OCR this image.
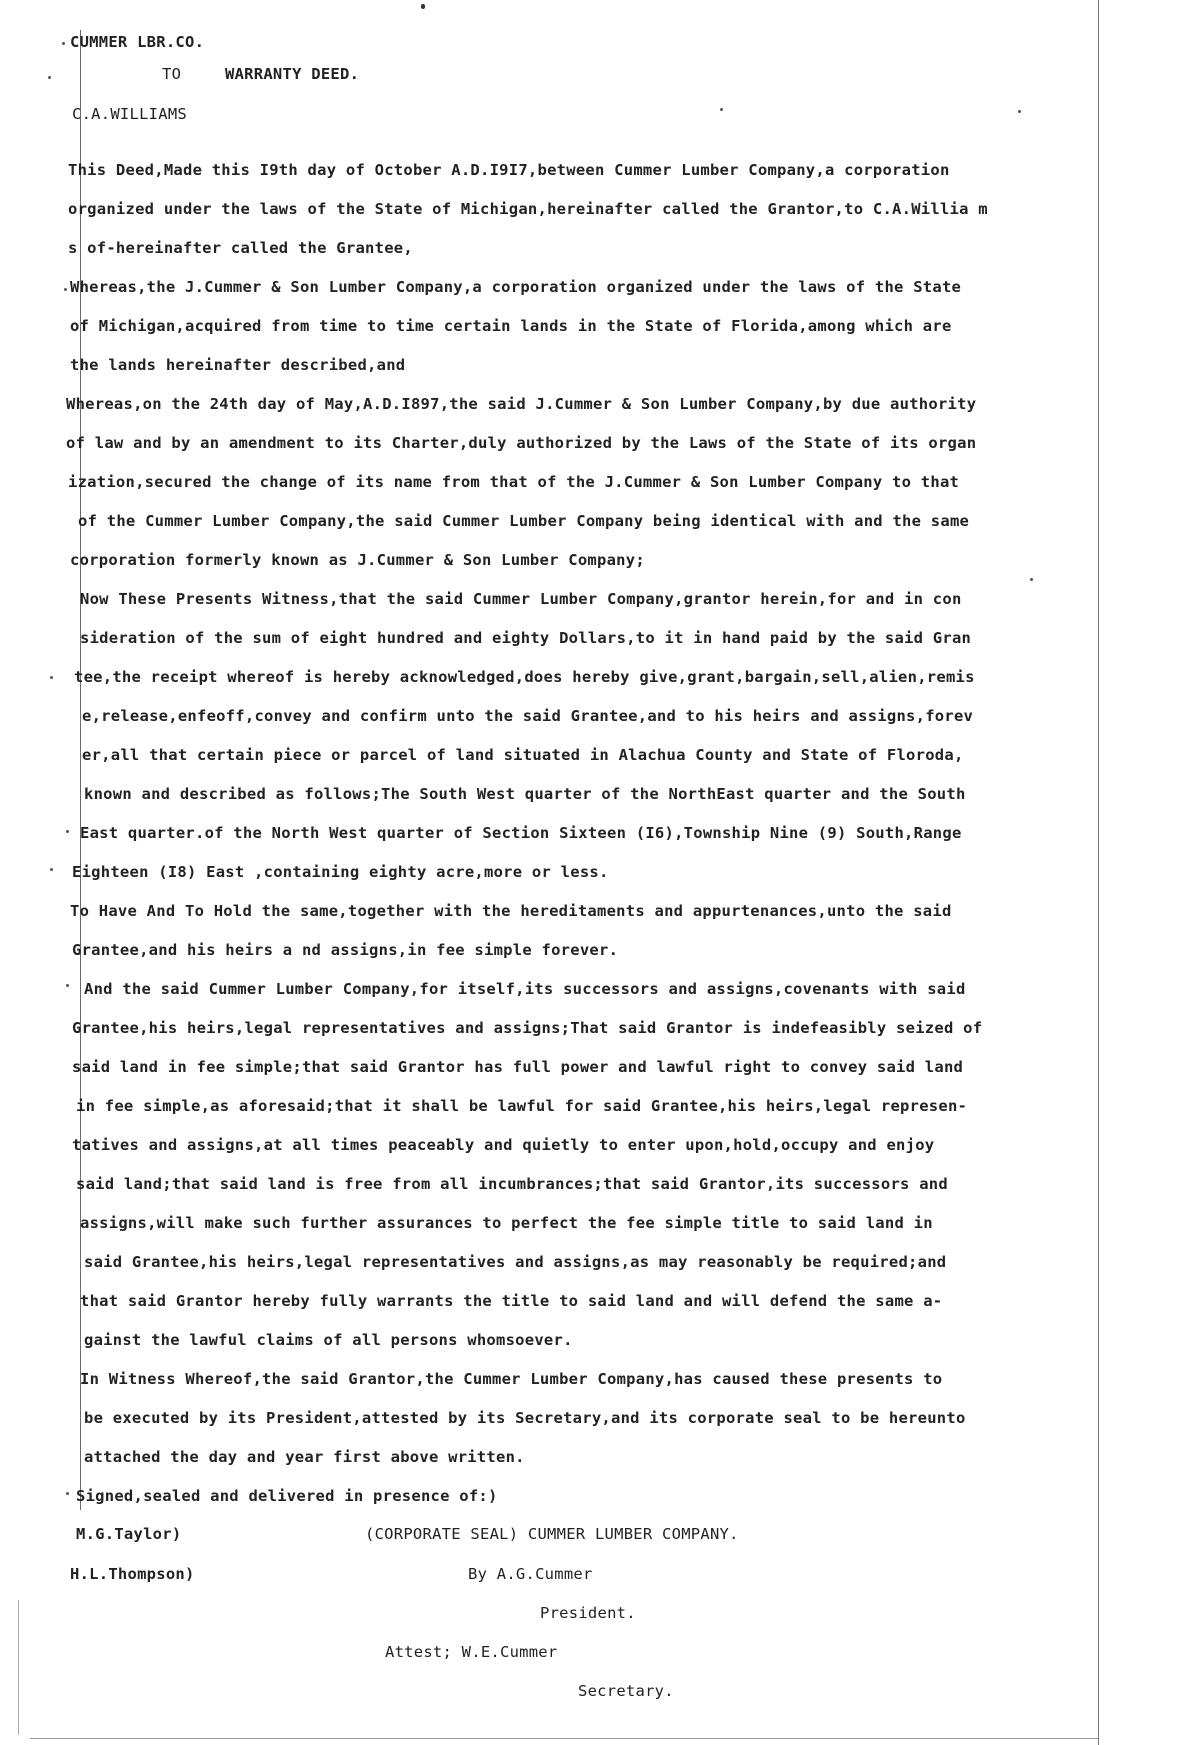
CUMMER LBR.CO.
TO	WARRANTY DEED.
C.A.WILLIAMS
This Deed,Made this I9th day of October A.D.I9I7,between Cummer Lumber Company,a corporation
organized under the laws of the State of Michigan,hereinafter called the Grantor,to C.A.Willia m
s of-hereinafter called the Grantee,
Whereas,the J.Cummer & Son Lumber Company,a corporation organized under the laws of the State
of Michigan,acquired from time to time certain lands in the State of Florida,among which are
the lands hereinafter described,and
Whereas,on the 24th day of May,A.D.I897,the said J.Cummer & Son Lumber Company,by due authority
of law and by an amendment to its Charter,duly authorized by the Laws of the State of its organ
ization,secured the change of its name from that of the J.Cummer & Son Lumber Company to that
of the Cummer Lumber Company,the said Cummer Lumber Company being identical with and the same
corporation formerly known as J.Cummer & Son Lumber Company;
Now These Presents Witness,that the said Cummer Lumber Company,grantor herein,for and in con
sideration of the sum of eight hundred and eighty Dollars,to it in hand paid by the said Gran
tee,the receipt whereof is hereby acknowledged,does hereby give,grant,bargain,sell,alien,remis
e,release,enfeoff,convey and confirm unto the said Grantee,and to his heirs and assigns,forev
er,all that certain piece or parcel of land situated in Alachua County and State of Floroda,
known and described as follows;The South West quarter of the NorthEast quarter and the South
East quarter.of the North West quarter of Section Sixteen (I6),Township Nine (9) South,Range
Eighteen (I8) East ,containing eighty acre,more or less.
To Have And To Hold the same,together with the hereditaments and appurtenances,unto the said
Grantee,and his heirs a nd assigns,in fee simple forever.
And the said Cummer Lumber Company,for itself,its successors and assigns,covenants with said
Grantee,his heirs,legal representatives and assigns;That said Grantor is indefeasibly seized of
said land in fee simple;that said Grantor has full power and lawful right to convey said land
in fee simple,as aforesaid;that it shall be lawful for said Grantee,his heirs,legal represen-
tatives and assigns,at all times peaceably and quietly to enter upon,hold,occupy and enjoy
said land;that said land is free from all incumbrances;that said Grantor,its successors and
assigns,will make such further assurances to perfect the fee simple title to said land in
said Grantee,his heirs,legal representatives and assigns,as may reasonably be required;and
that said Grantor hereby fully warrants the title to said land and will defend the same a-
gainst the lawful claims of all persons whomsoever.
In Witness Whereof,the said Grantor,the Cummer Lumber Company,has caused these presents to
be executed by its President,attested by its Secretary,and its corporate seal to be hereunto
attached the day and year first above written.
Signed,sealed and delivered in presence of:)
M.G.Taylor)	(CORPORATE SEAL) CUMMER LUMBER COMPANY.
H.L.Thompson)	By A.G.Cummer
President.
Attest; W.E.Cummer
Secretary.
